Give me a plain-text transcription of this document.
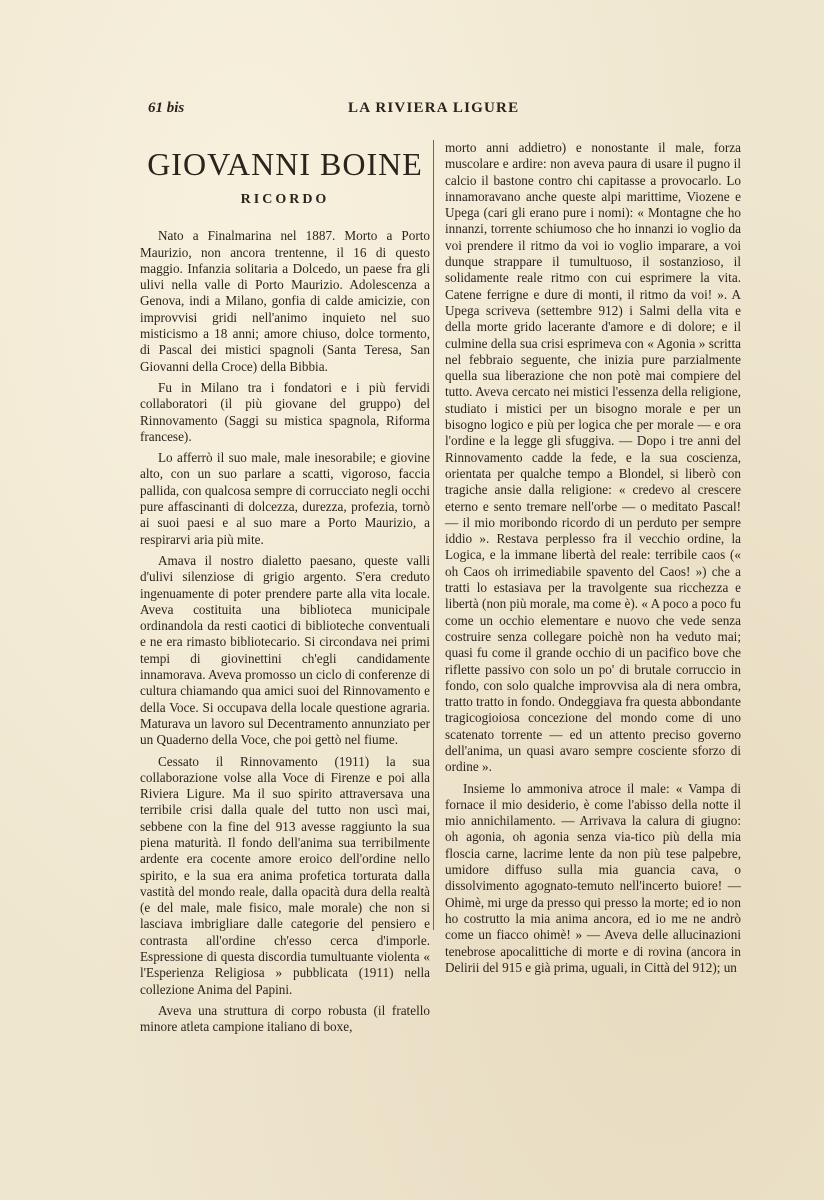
61 bis	LA RIVIERA LIGURE
GIOVANNI BOINE
RICORDO

Nato a Finalmarina nel 1887. Morto a Porto Maurizio, non ancora trentenne, il 16 di questo maggio. Infanzia solitaria a Dolcedo, un paese fra gli ulivi nella valle di Porto Maurizio. Adolescenza a Genova, indi a Milano, gonfia di calde amicizie, con improvvisi gridi nell'animo inquieto nel suo misticismo a 18 anni; amore chiuso, dolce tormento, di Pascal dei mistici spagnoli (Santa Teresa, San Giovanni della Croce) della Bibbia.

Fu in Milano tra i fondatori e i più fervidi collaboratori (il più giovane del gruppo) del Rinnovamento (Saggi su mistica spagnola, Riforma francese).

Lo afferrò il suo male, male inesorabile; e giovine alto, con un suo parlare a scatti, vigoroso, faccia pallida, con qualcosa sempre di corrucciato negli occhi pure affascinanti di dolcezza, durezza, profezia, tornò ai suoi paesi e al suo mare a Porto Maurizio, a respirarvi aria più mite.

Amava il nostro dialetto paesano, queste valli d'ulivi silenziose di grigio argento. S'era creduto ingenuamente di poter prendere parte alla vita locale. Aveva costituita una biblioteca municipale ordinandola da resti caotici di biblioteche conventuali e ne era rimasto bibliotecario. Si circondava nei primi tempi di giovinettini ch'egli candidamente innamorava. Aveva promosso un ciclo di conferenze di cultura chiamando qua amici suoi del Rinnovamento e della Voce. Si occupava della locale questione agraria. Maturava un lavoro sul Decentramento annunziato per un Quaderno della Voce, che poi gettò nel fiume.

Cessato il Rinnovamento (1911) la sua collaborazione volse alla Voce di Firenze e poi alla Riviera Ligure. Ma il suo spirito attraversava una terribile crisi dalla quale del tutto non uscì mai, sebbene con la fine del 913 avesse raggiunto la sua piena maturità. Il fondo dell'anima sua terribilmente ardente era cocente amore eroico dell'ordine nello spirito, e la sua era anima profetica torturata dalla vastità del mondo reale, dalla opacità dura della realtà (e del male, male fisico, male morale) che non si lasciava imbrigliare dalle categorie del pensiero e contrasta all'ordine ch'esso cerca d'imporle. Espressione di questa discordia tumultuante violenta « l'Esperienza Religiosa » pubblicata (1911) nella collezione Anima del Papini.

Aveva una struttura di corpo robusta (il fratello minore atleta campione italiano di boxe,

morto anni addietro) e nonostante il male, forza muscolare e ardire: non aveva paura di usare il pugno il calcio il bastone contro chi capitasse a provocarlo. Lo innamoravano anche queste alpi marittime, Viozene e Upega (cari gli erano pure i nomi): « Montagne che ho innanzi, torrente schiumoso che ho innanzi io voglio da voi prendere il ritmo da voi io voglio imparare, a voi dunque strappare il tumultuoso, il sostanzioso, il solidamente reale ritmo con cui esprimere la vita. Catene ferrigne e dure di monti, il ritmo da voi! ». A Upega scriveva (settembre 912) i Salmi della vita e della morte grido lacerante d'amore e di dolore; e il culmine della sua crisi esprimeva con « Agonia » scritta nel febbraio seguente, che inizia pure parzialmente quella sua liberazione che non potè mai compiere del tutto. Aveva cercato nei mistici l'essenza della religione, studiato i mistici per un bisogno morale e per un bisogno logico e più per logica che per morale — e ora l'ordine e la legge gli sfuggiva. — Dopo i tre anni del Rinnovamento cadde la fede, e la sua coscienza, orientata per qualche tempo a Blondel, si liberò con tragiche ansie dalla religione: « credevo al crescere eterno e sento tremare nell'orbe — o meditato Pascal! — il mio moribondo ricordo di un perduto per sempre iddio ». Restava perplesso fra il vecchio ordine, la Logica, e la immane libertà del reale: terribile caos (« oh Caos oh irrimediabile spavento del Caos! ») che a tratti lo estasiava per la travolgente sua ricchezza e libertà (non più morale, ma come è). « A poco a poco fu come un occhio elementare e nuovo che vede senza costruire senza collegare poichè non ha veduto mai; quasi fu come il grande occhio di un pacifico bove che riflette passivo con solo un po' di brutale corruccio in fondo, con solo qualche improvvisa ala di nera ombra, tratto tratto in fondo. Ondeggiava fra questa abbondante tragicogioiosa concezione del mondo come di uno scatenato torrente — ed un attento preciso governo dell'anima, un quasi avaro sempre cosciente sforzo di ordine ».

Insieme lo ammoniva atroce il male: « Vampa di fornace il mio desiderio, è come l'abisso della notte il mio annichilamento. — Arrivava la calura di giugno: oh agonia, oh agonia senza via-tico più della mia floscia carne, lacrime lente da non più tese palpebre, umidore diffuso sulla mia guancia cava, o dissolvimento agognato-temuto nell'incerto buiore! — Ohimè, mi urge da presso qui presso la morte; ed io non ho costrutto la mia anima ancora, ed io me ne andrò come un fiacco ohimè! » — Aveva delle allucinazioni tenebrose apocalittiche di morte e di rovina (ancora in Delirii del 915 e già prima, uguali, in Città del 912); un
